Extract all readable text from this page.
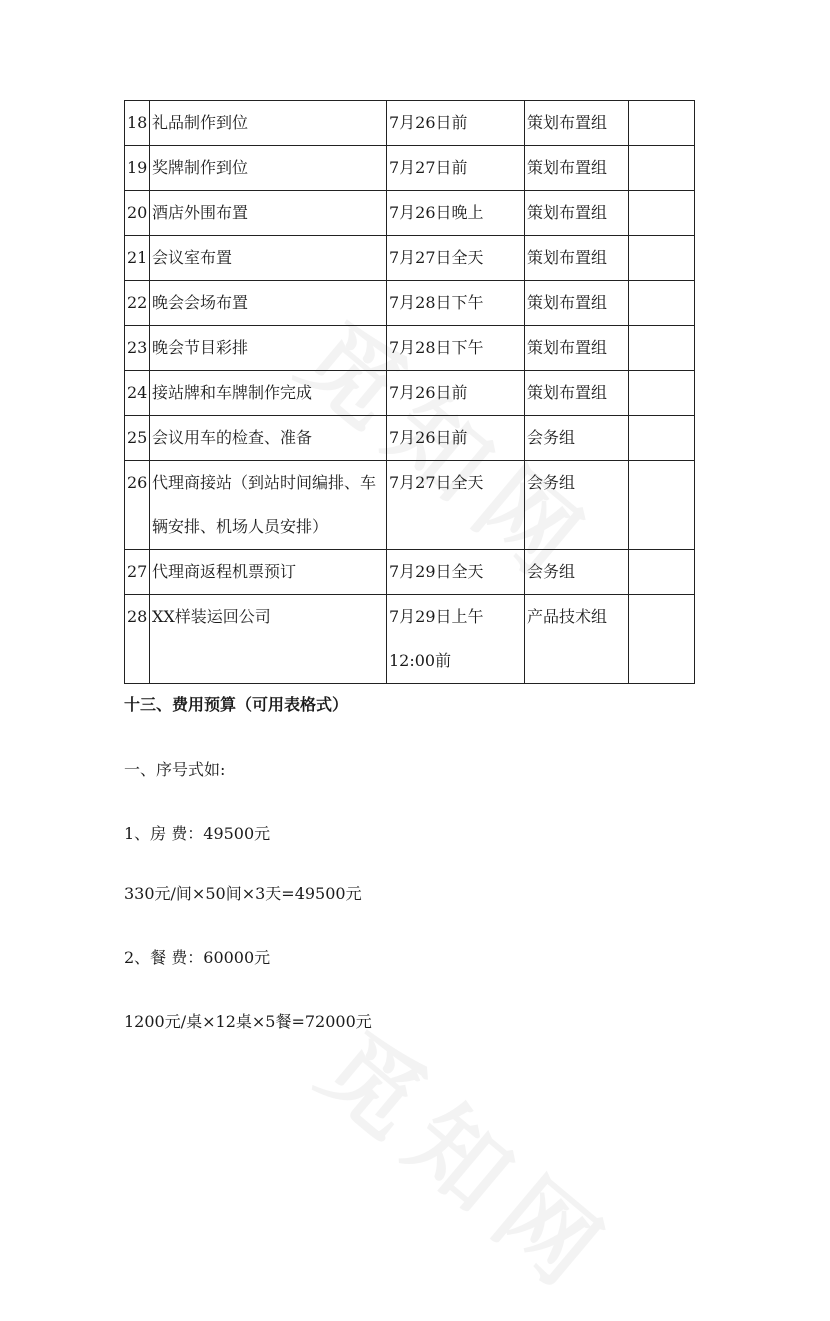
18	礼品制作到位	7月26日前	策划布置组	
19	奖牌制作到位	7月27日前	策划布置组	
20	酒店外围布置	7月26日晚上	策划布置组	
21	会议室布置	7月27日全天	策划布置组	
22	晚会会场布置	7月28日下午	策划布置组	
23	晚会节目彩排	7月28日下午	策划布置组	
24	接站牌和车牌制作完成	7月26日前	策划布置组	
25	会议用车的检查、准备	7月26日前	会务组	
26	代理商接站（到站时间编排、车辆安排、机场人员安排）	7月27日全天	会务组	
27	代理商返程机票预订	7月29日全天	会务组	
28	XX样装运回公司	7月29日上午12:00前	产品技术组	
十三、费用预算（可用表格式）
一、序号式如:
1、房 费：49500元
330元/间×50间×3天=49500元
2、餐 费：60000元
1200元/桌×12桌×5餐=72000元
